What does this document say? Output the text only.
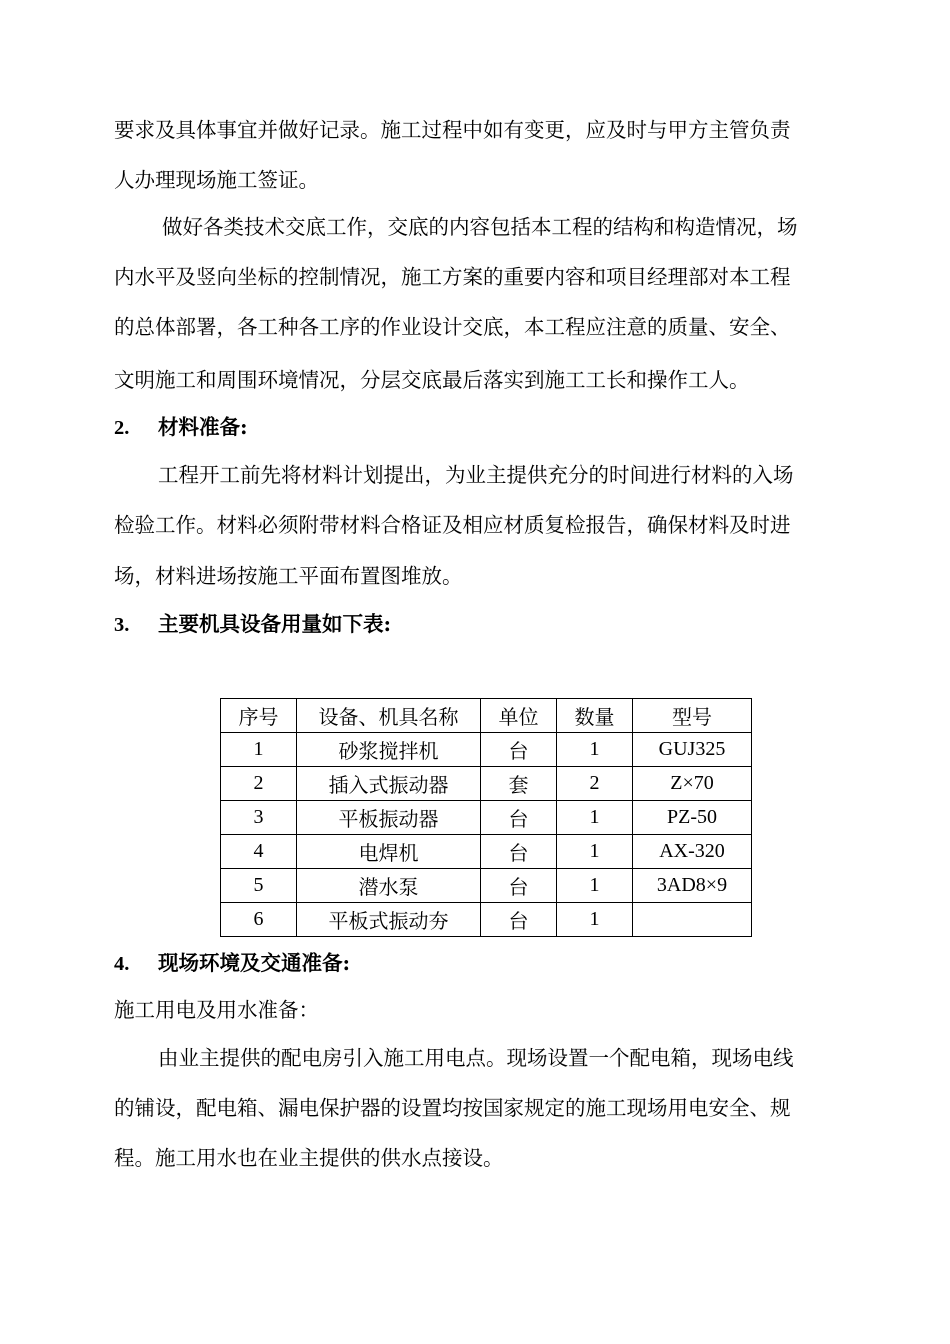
要求及具体事宜并做好记录。施工过程中如有变更，应及时与甲方主管负责
人办理现场施工签证。
做好各类技术交底工作，交底的内容包括本工程的结构和构造情况，场
内水平及竖向坐标的控制情况，施工方案的重要内容和项目经理部对本工程
的总体部署，各工种各工序的作业设计交底，本工程应注意的质量、安全、
文明施工和周围环境情况，分层交底最后落实到施工工长和操作工人。
2. 材料准备:
工程开工前先将材料计划提出，为业主提供充分的时间进行材料的入场
检验工作。材料必须附带材料合格证及相应材质复检报告，确保材料及时进
场，材料进场按施工平面布置图堆放。
3. 主要机具设备用量如下表:
序号	设备、机具名称	单位	数量	型号
1	砂浆搅拌机	台	1	GUJ325
2	插入式振动器	套	2	Z×70
3	平板振动器	台	1	PZ-50
4	电焊机	台	1	AX-320
5	潜水泵	台	1	3AD8×9
6	平板式振动夯	台	1	
4. 现场环境及交通准备:
施工用电及用水准备：
由业主提供的配电房引入施工用电点。现场设置一个配电箱，现场电线
的铺设，配电箱、漏电保护器的设置均按国家规定的施工现场用电安全、规
程。施工用水也在业主提供的供水点接设。
